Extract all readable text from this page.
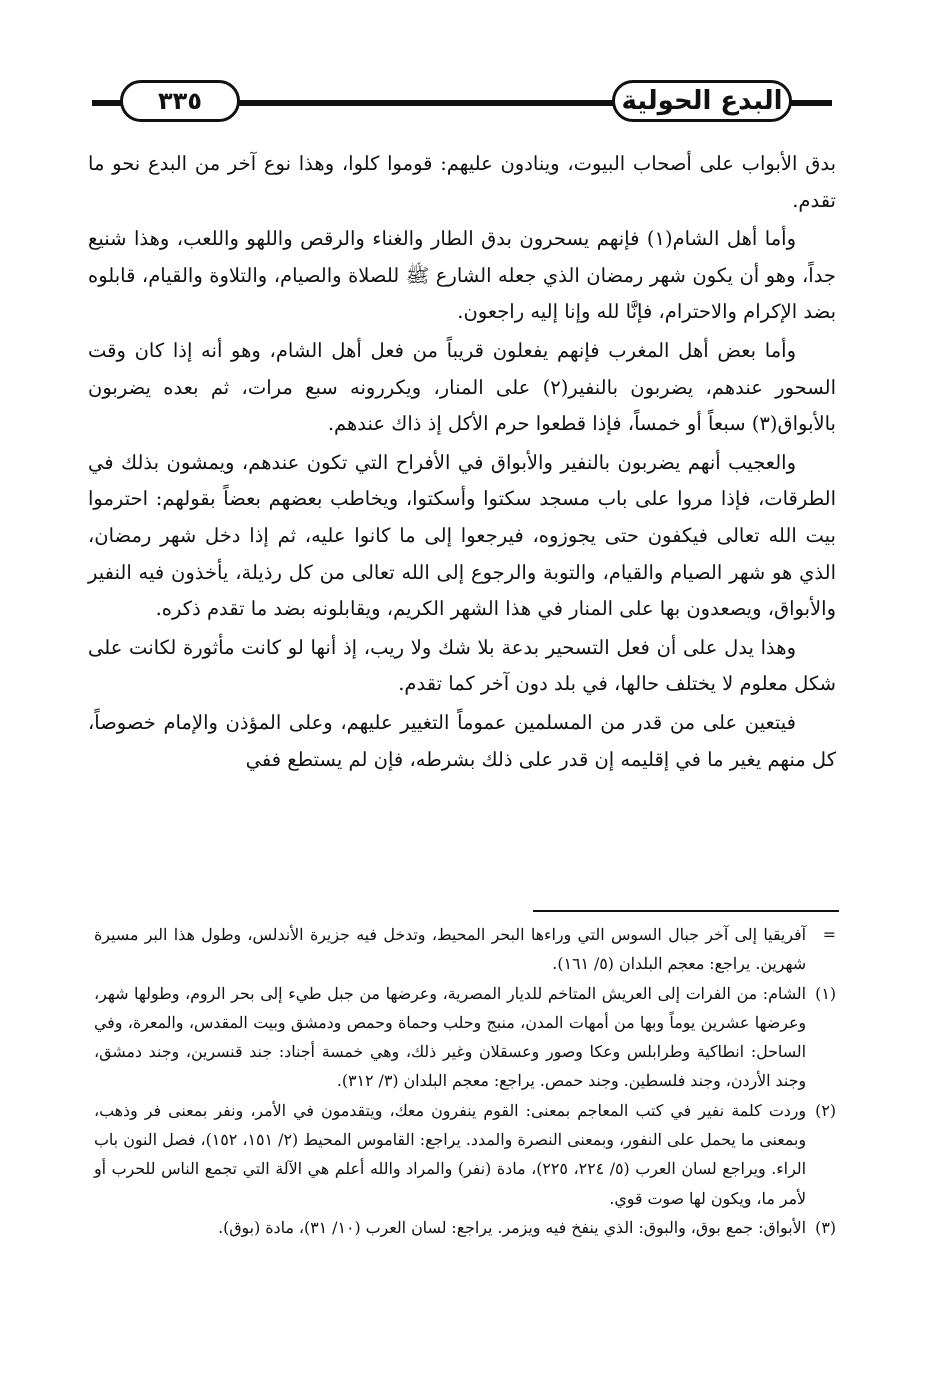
البدع الحولية
٣٣٥

بدق الأبواب على أصحاب البيوت، وينادون عليهم: قوموا كلوا، وهذا نوع آخر من البدع نحو ما تقدم.

وأما أهل الشام(١) فإنهم يسحرون بدق الطار والغناء والرقص واللهو واللعب، وهذا شنيع جداً، وهو أن يكون شهر رمضان الذي جعله الشارع ﷺ للصلاة والصيام، والتلاوة والقيام، قابلوه بضد الإكرام والاحترام، فإنَّا لله وإنا إليه راجعون.

وأما بعض أهل المغرب فإنهم يفعلون قريباً من فعل أهل الشام، وهو أنه إذا كان وقت السحور عندهم، يضربون بالنفير(٢) على المنار، ويكررونه سبع مرات، ثم بعده يضربون بالأبواق(٣) سبعاً أو خمساً، فإذا قطعوا حرم الأكل إذ ذاك عندهم.

والعجيب أنهم يضربون بالنفير والأبواق في الأفراح التي تكون عندهم، ويمشون بذلك في الطرقات، فإذا مروا على باب مسجد سكتوا وأسكتوا، ويخاطب بعضهم بعضاً بقولهم: احترموا بيت الله تعالى فيكفون حتى يجوزوه، فيرجعوا إلى ما كانوا عليه، ثم إذا دخل شهر رمضان، الذي هو شهر الصيام والقيام، والتوبة والرجوع إلى الله تعالى من كل رذيلة، يأخذون فيه النفير والأبواق، ويصعدون بها على المنار في هذا الشهر الكريم، ويقابلونه بضد ما تقدم ذكره.

وهذا يدل على أن فعل التسحير بدعة بلا شك ولا ريب، إذ أنها لو كانت مأثورة لكانت على شكل معلوم لا يختلف حالها، في بلد دون آخر كما تقدم.

فيتعين على من قدر من المسلمين عموماً التغيير عليهم، وعلى المؤذن والإمام خصوصاً، كل منهم يغير ما في إقليمه إن قدر على ذلك بشرطه، فإن لم يستطع ففي

=
آفريقيا إلى آخر جبال السوس التي وراءها البحر المحيط، وتدخل فيه جزيرة الأندلس، وطول هذا البر مسيرة شهرين. يراجع: معجم البلدان (٥/ ١٦١).
(١)
الشام: من الفرات إلى العريش المتاخم للديار المصرية، وعرضها من جبل طيء إلى بحر الروم، وطولها شهر، وعرضها عشرين يوماً وبها من أمهات المدن، منبج وحلب وحماة وحمص ودمشق وبيت المقدس، والمعرة، وفي الساحل: انطاكية وطرابلس وعكا وصور وعسقلان وغير ذلك، وهي خمسة أجناد: جند قنسرين، وجند دمشق، وجند الأردن، وجند فلسطين. وجند حمص. يراجع: معجم البلدان (٣/ ٣١٢).
(٢)
وردت كلمة نفير في كتب المعاجم بمعنى: القوم ينفرون معك، ويتقدمون في الأمر، ونفر بمعنى فر وذهب، وبمعنى ما يحمل على النفور، وبمعنى النصرة والمدد. يراجع: القاموس المحيط (٢/ ١٥١، ١٥٢)، فصل النون باب الراء. ويراجع لسان العرب (٥/ ٢٢٤، ٢٢٥)، مادة (نفر) والمراد والله أعلم هي الآلة التي تجمع الناس للحرب أو لأمر ما، ويكون لها صوت قوي.
(٣)
الأبواق: جمع بوق، والبوق: الذي ينفخ فيه ويزمر. يراجع: لسان العرب (١٠/ ٣١)، مادة (بوق).
